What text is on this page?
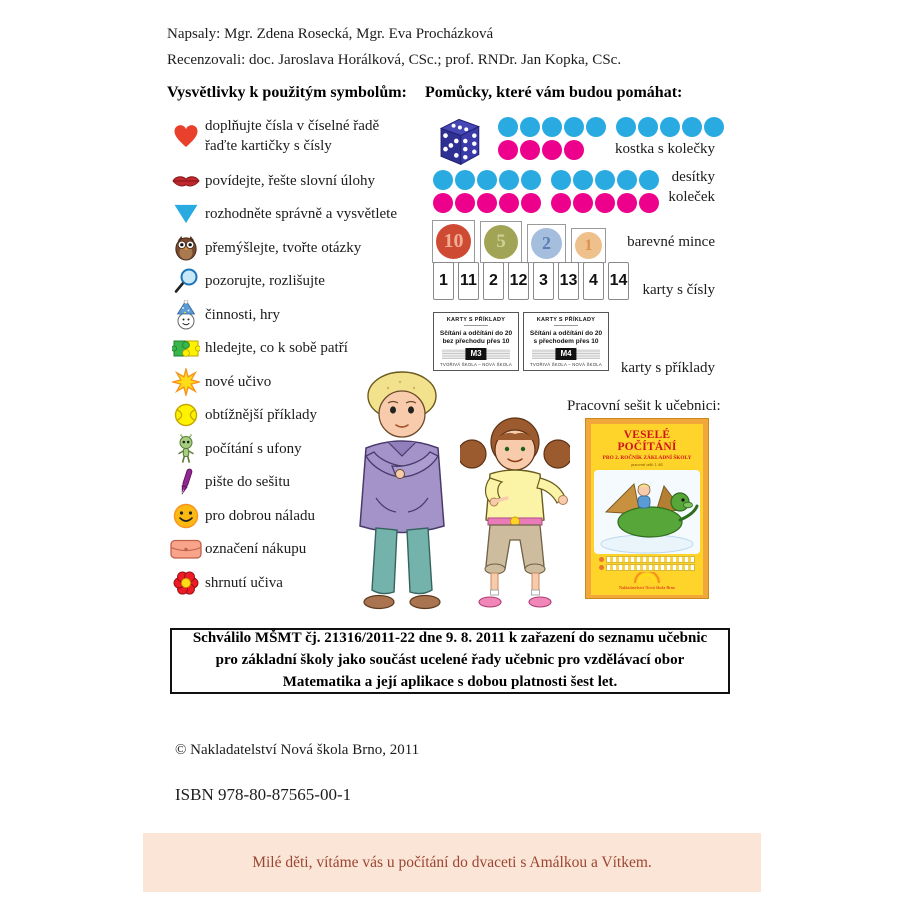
Napsaly: Mgr. Zdena Rosecká, Mgr. Eva Procházková
Recenzovali: doc. Jaroslava Horálková, CSc.; prof. RNDr. Jan Kopka, CSc.
Vysvětlivky k použitým symbolům:
doplňujte čísla v číselné řadě
řaďte kartičky s čísly
povídejte, řešte slovní úlohy
rozhodněte správně a vysvětlete
přemýšlejte, tvořte otázky
pozorujte, rozlišujte
činnosti, hry
hledejte, co k sobě patří
nové učivo
obtížnější příklady
počítání s ufony
pište do sešitu
pro dobrou náladu
označení nákupu
shrnutí učiva
Pomůcky, které vám budou pomáhat:
kostka s kolečky
desítky
koleček
10	5	2	1	barevné mince
1 11 2 12 3 13 4 14
karty s čísly
KARTY S PŘÍKLADY
Sčítání a odčítání do 20
bez přechodu přes 10
M3
TVOŘIVÁ ŠKOLA – NOVÁ ŠKOLA
KARTY S PŘÍKLADY
Sčítání a odčítání do 20
s přechodem přes 10
M4
TVOŘIVÁ ŠKOLA – NOVÁ ŠKOLA karty s příklady
Pracovní sešit k učebnici:
VESELÉ POČÍTÁNÍ
PRO 2. ROČNÍK ZÁKLADNÍ ŠKOLY
pracovní sešit 1. díl
Nakladatelství Nová škola Brno
Schválilo MŠMT čj. 21316/2011-22 dne 9. 8. 2011 k zařazení do seznamu učebnic
pro základní školy jako součást ucelené řady učebnic pro vzdělávací obor
Matematika a její aplikace s dobou platnosti šest let.
© Nakladatelství Nová škola Brno, 2011
ISBN 978-80-87565-00-1
Milé děti, vítáme vás u počítání do dvaceti s Amálkou a Vítkem.
